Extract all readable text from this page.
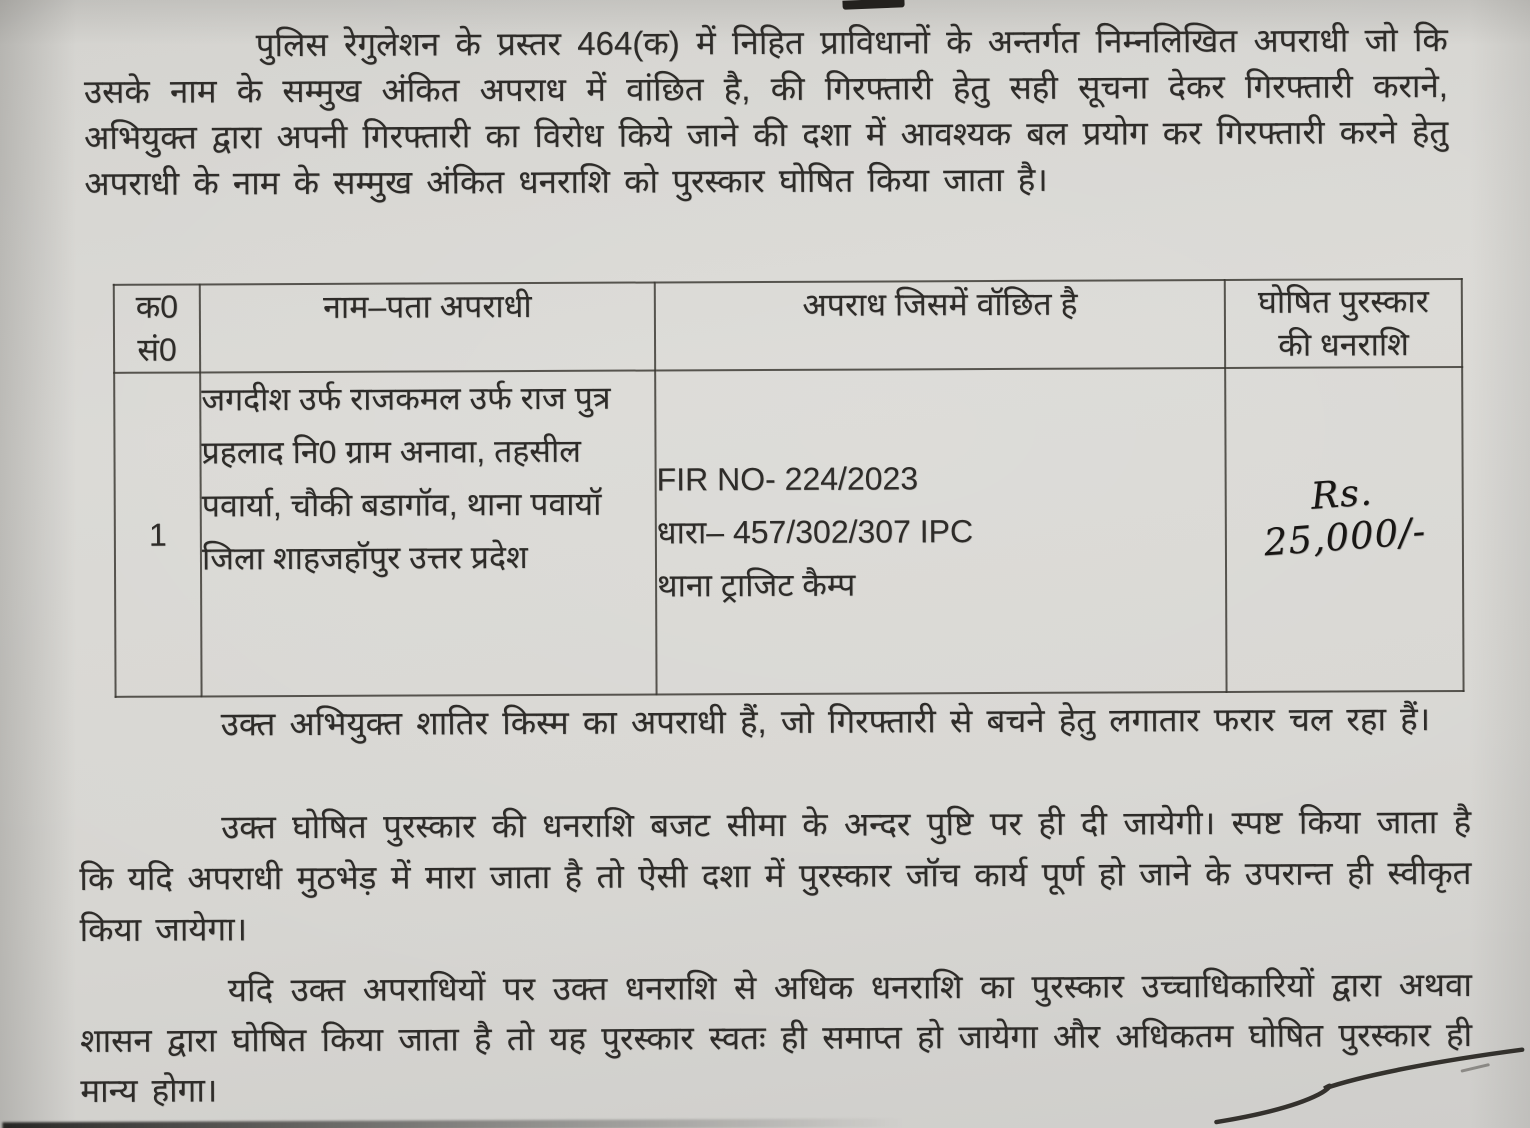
पुलिस रेगुलेशन के प्रस्तर 464(क) में निहित प्राविधानों के अन्तर्गत निम्नलिखित अपराधी जो कि उसके नाम के सम्मुख अंकित अपराध में वांछित है, की गिरफ्तारी हेतु सही सूचना देकर गिरफ्तारी कराने, अभियुक्त द्वारा अपनी गिरफ्तारी का विरोध किये जाने की दशा में आवश्यक बल प्रयोग कर गिरफ्तारी करने हेतु अपराधी के नाम के सम्मुख अंकित धनराशि को पुरस्कार घोषित किया जाता है।

क0
सं0	नाम–पता अपराधी	अपराध जिसमें वॉछित है	घोषित पुरस्कार
की धनराशि
1	जगदीश उर्फ राजकमल उर्फ राज पुत्र प्रहलाद नि0 ग्राम अनावा, तहसील पवार्या, चौकी बडागॉव, थाना पवायॉ जिला शाहजहॉपुर उत्तर प्रदेश	FIR NO- 224/2023
धारा– 457/302/307 IPC
थाना ट्राजिट कैम्प	Rs. 25,000/-

उक्त अभियुक्त शातिर किस्म का अपराधी हैं, जो गिरफ्तारी से बचने हेतु लगातार फरार चल रहा हैं।

उक्त घोषित पुरस्कार की धनराशि बजट सीमा के अन्दर पुष्टि पर ही दी जायेगी। स्पष्ट किया जाता है कि यदि अपराधी मुठभेड़ में मारा जाता है तो ऐसी दशा में पुरस्कार जॉच कार्य पूर्ण हो जाने के उपरान्त ही स्वीकृत किया जायेगा।

यदि उक्त अपराधियों पर उक्त धनराशि से अधिक धनराशि का पुरस्कार उच्चाधिकारियों द्वारा अथवा शासन द्वारा घोषित किया जाता है तो यह पुरस्कार स्वतः ही समाप्त हो जायेगा और अधिकतम घोषित पुरस्कार ही मान्य होगा।
